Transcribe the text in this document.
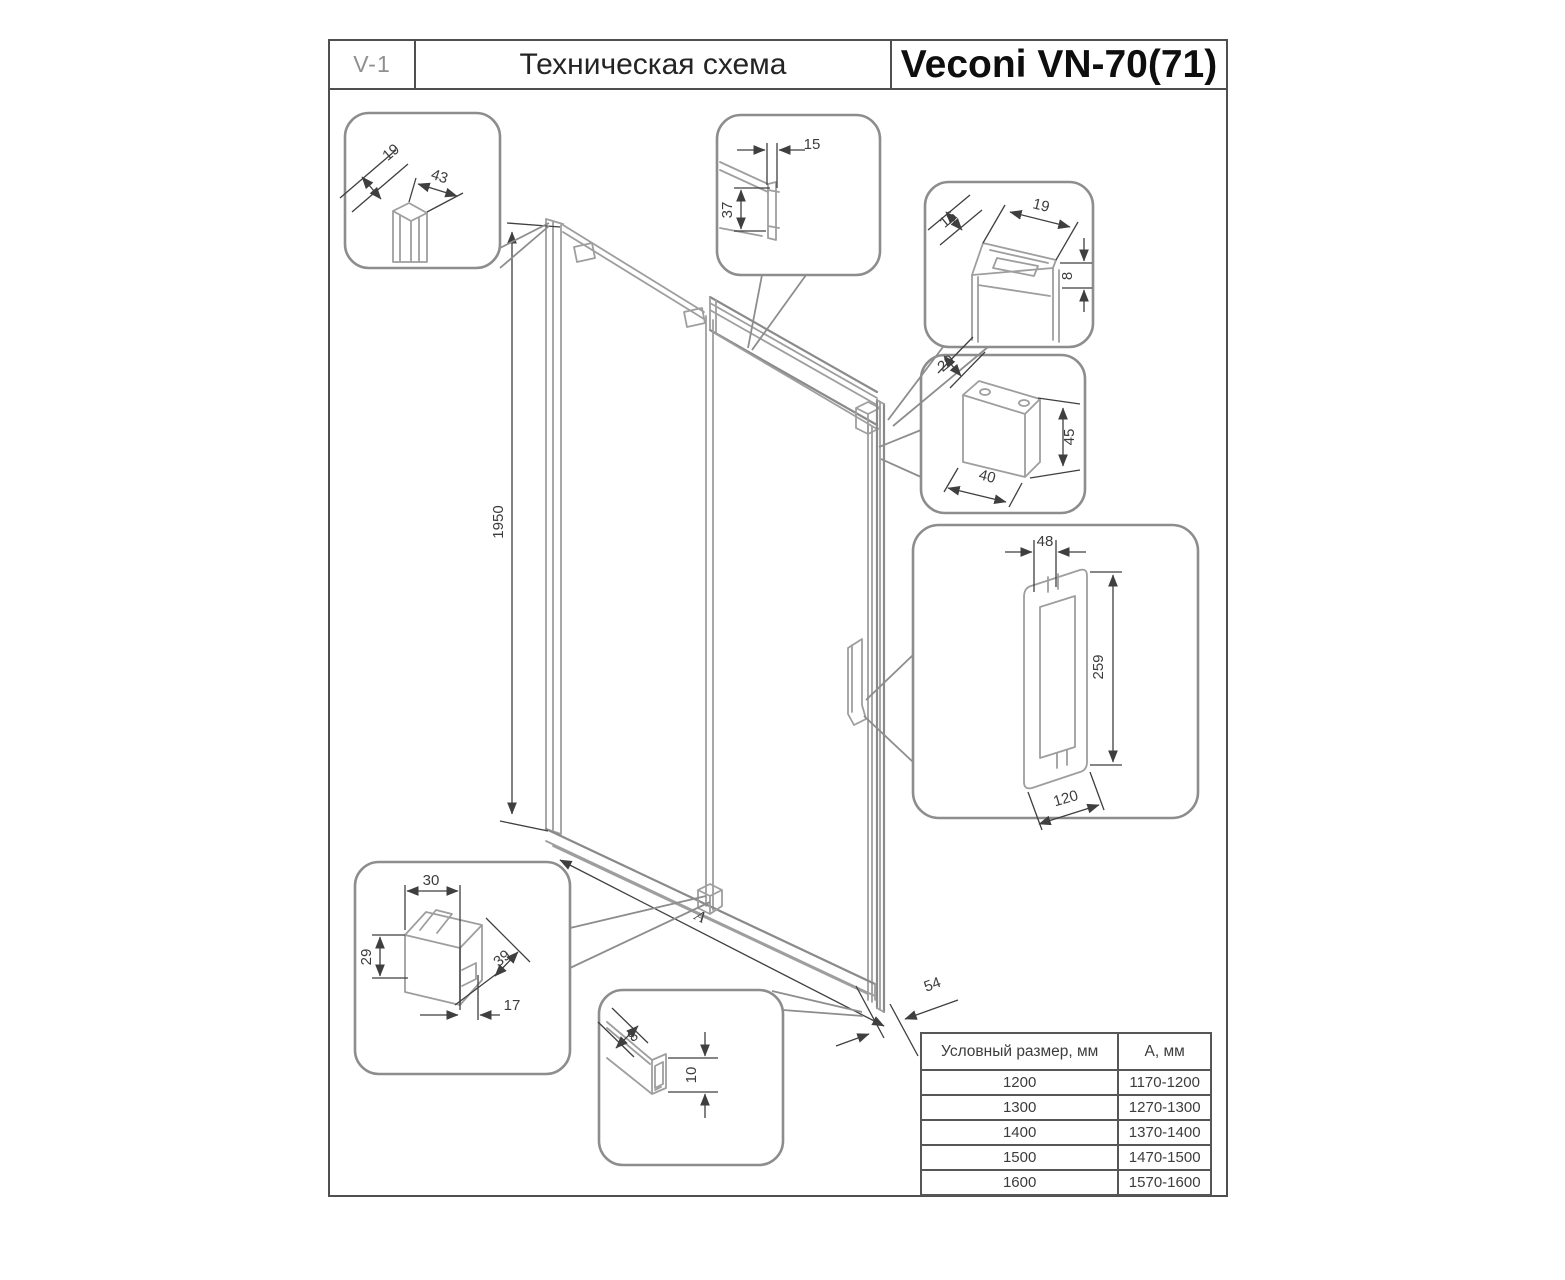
1950
А
54
43
19	15
37	16
19
8
20
45
40
48
259
120
30
29	39
17
8
10
V-1	Техническая схема	Veconi VN-70(71)
Условный размер, мм	А, мм
1200	1170-1200
1300	1270-1300
1400	1370-1400
1500	1470-1500
1600	1570-1600
